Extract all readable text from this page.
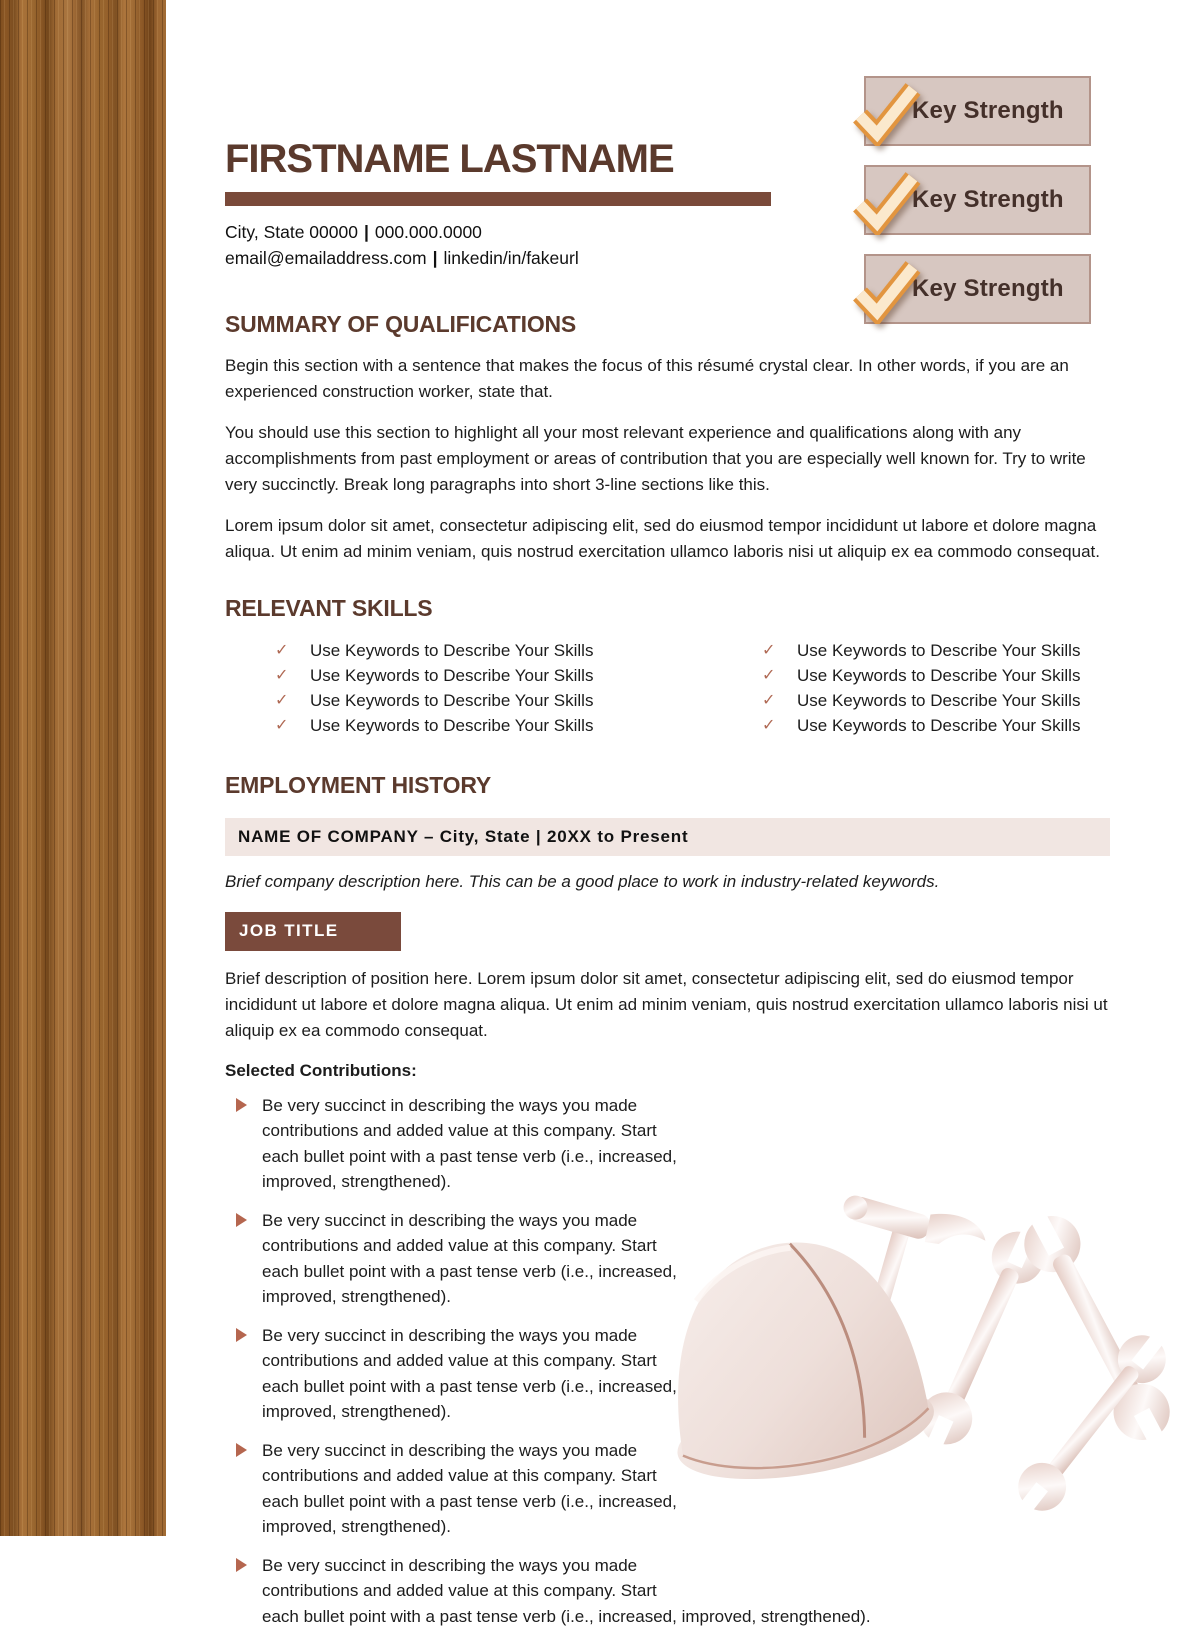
Key Strength
Key Strength
Key Strength
FIRSTNAME LASTNAME
City, State 00000 | 000.000.0000
email@emailaddress.com | linkedin/in/fakeurl
SUMMARY OF QUALIFICATIONS

Begin this section with a sentence that makes the focus of this résumé crystal clear. In other words, if you are an experienced construction worker, state that.

You should use this section to highlight all your most relevant experience and qualifications along with any accomplishments from past employment or areas of contribution that you are especially well known for. Try to write very succinctly. Break long paragraphs into short 3-line sections like this.

Lorem ipsum dolor sit amet, consectetur adipiscing elit, sed do eiusmod tempor incididunt ut labore et dolore magna aliqua. Ut enim ad minim veniam, quis nostrud exercitation ullamco laboris nisi ut aliquip ex ea commodo consequat.

RELEVANT SKILLS
✓	Use Keywords to Describe Your Skills	✓	Use Keywords to Describe Your Skills
✓	Use Keywords to Describe Your Skills	✓	Use Keywords to Describe Your Skills
✓	Use Keywords to Describe Your Skills	✓	Use Keywords to Describe Your Skills
✓	Use Keywords to Describe Your Skills	✓	Use Keywords to Describe Your Skills
EMPLOYMENT HISTORY
NAME OF COMPANY – City, State | 20XX to Present

Brief company description here. This can be a good place to work in industry-related keywords.

JOB TITLE

Brief description of position here. Lorem ipsum dolor sit amet, consectetur adipiscing elit, sed do eiusmod tempor incididunt ut labore et dolore magna aliqua. Ut enim ad minim veniam, quis nostrud exercitation ullamco laboris nisi ut aliquip ex ea commodo consequat.

Selected Contributions:
Be very succinct in describing the ways you made contributions and added value at this company. Start each bullet point with a past tense verb (i.e., increased, improved, strengthened).
Be very succinct in describing the ways you made contributions and added value at this company. Start each bullet point with a past tense verb (i.e., increased, improved, strengthened).
Be very succinct in describing the ways you made contributions and added value at this company. Start each bullet point with a past tense verb (i.e., increased, improved, strengthened).
Be very succinct in describing the ways you made contributions and added value at this company. Start each bullet point with a past tense verb (i.e., increased, improved, strengthened).
Be very succinct in describing the ways you made contributions and added value at this company. Start each bullet point with a past tense verb (i.e., increased, improved, strengthened).
